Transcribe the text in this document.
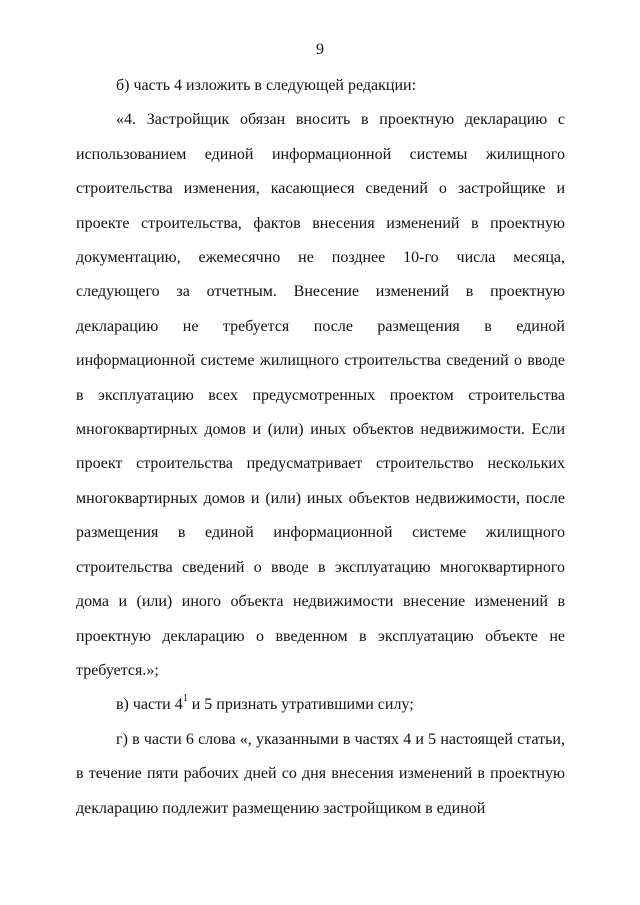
9

б) часть 4 изложить в следующей редакции:

«4. Застройщик обязан вносить в проектную декларацию с использованием единой информационной системы жилищного строительства изменения, касающиеся сведений о застройщике и проекте строительства, фактов внесения изменений в проектную документацию, ежемесячно не позднее 10-го числа месяца, следующего за отчетным. Внесение изменений в проектную декларацию не требуется после размещения в единой информационной системе жилищного строительства сведений о вводе в эксплуатацию всех предусмотренных проектом строительства многоквартирных домов и (или) иных объектов недвижимости. Если проект строительства предусматривает строительство нескольких многоквартирных домов и (или) иных объектов недвижимости, после размещения в единой информационной системе жилищного строительства сведений о вводе в эксплуатацию многоквартирного дома и (или) иного объекта недвижимости внесение изменений в проектную декларацию о введенном в эксплуатацию объекте не требуется.»;

в) части $4^1$ и 5 признать утратившими силу;

г) в части 6 слова «, указанными в частях 4 и 5 настоящей статьи, в течение пяти рабочих дней со дня внесения изменений в проектную декларацию подлежит размещению застройщиком в единой
